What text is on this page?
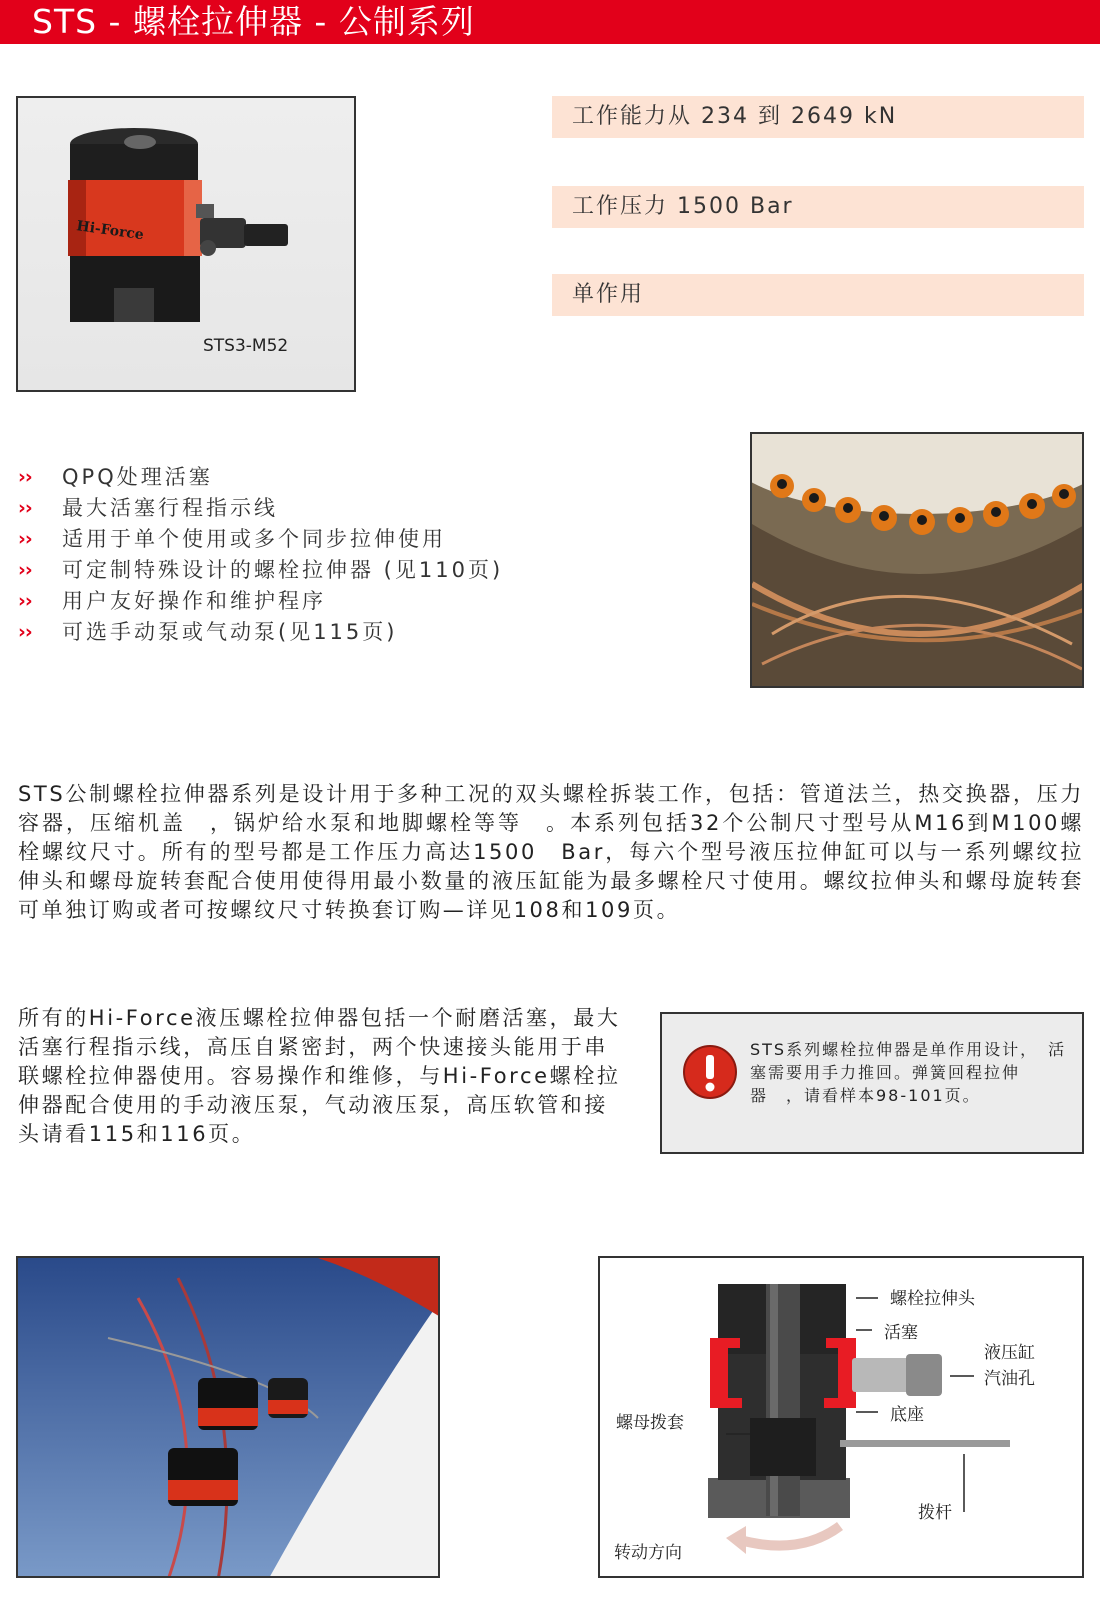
STS - 螺栓拉伸器 - 公制系列
Hi-Force
STS3-M52
工作能力从 234 到 2649 kN
工作压力 1500 Bar
单作用
›› QPQ处理活塞
›› 最大活塞行程指示线
›› 适用于单个使用或多个同步拉伸使用
›› 可定制特殊设计的螺栓拉伸器 (见110页)
›› 用户友好操作和维护程序
›› 可选手动泵或气动泵(见115页)

STS公制螺栓拉伸器系列是设计用于多种工况的双头螺栓拆装工作，包括：管道法兰，热交换器，压力容器，压缩机盖　，锅炉给水泵和地脚螺栓等等　。本系列包括32个公制尺寸型号从M16到M100螺栓螺纹尺寸。所有的型号都是工作压力高达1500　Bar，每六个型号液压拉伸缸可以与一系列螺纹拉伸头和螺母旋转套配合使用使得用最小数量的液压缸能为最多螺栓尺寸使用。螺纹拉伸头和螺母旋转套可单独订购或者可按螺纹尺寸转换套订购—详见108和109页。

所有的Hi-Force液压螺栓拉伸器包括一个耐磨活塞，最大活塞行程指示线，高压自紧密封，两个快速接头能用于串联螺栓拉伸器使用。容易操作和维修，与Hi-Force螺栓拉伸器配合使用的手动液压泵，气动液压泵，高压软管和接头请看115和116页。

STS系列螺栓拉伸器是单作用设计，　活塞需要用手力推回。弹簧回程拉伸器　，请看样本98-101页。

螺栓拉伸头
活塞
液压缸
汽油孔
底座
螺母拨套
拨杆
转动方向
